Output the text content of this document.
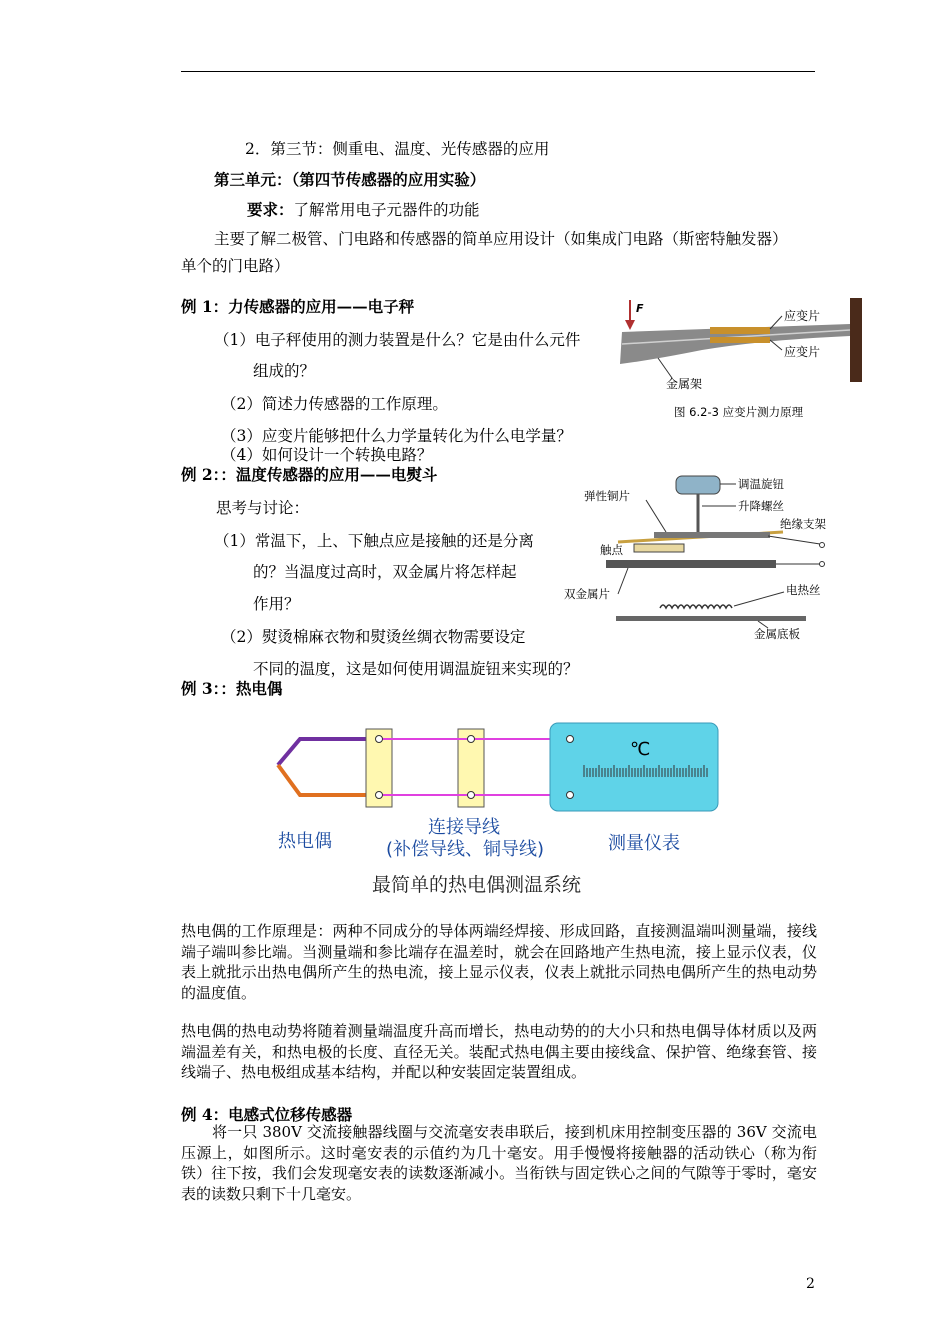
2．第三节：侧重电、温度、光传感器的应用
第三单元：（第四节传感器的应用实验）
要求：了解常用电子元器件的功能
主要了解二极管、门电路和传感器的简单应用设计（如集成门电路（斯密特触发器）
单个的门电路）
例 1：力传感器的应用——电子秤
（1）电子秤使用的测力装置是什么？它是由什么元件
组成的？
（2）简述力传感器的工作原理。
（3）应变片能够把什么力学量转化为什么电学量？
（4）如何设计一个转换电路？
F
应变片
应变片
金属架
图 6.2-3 应变片测力原理
例 2：：温度传感器的应用——电熨斗
思考与讨论：
（1）常温下，上、下触点应是接触的还是分离
的？当温度过高时，双金属片将怎样起
作用？
（2）熨烫棉麻衣物和熨烫丝绸衣物需要设定
不同的温度，这是如何使用调温旋钮来实现的？
调温旋钮
升降螺丝
弹性铜片
绝缘支架
触点
双金属片	电热丝
金属底板
例 3：：热电偶
℃
热电偶
连接导线
(补偿导线、铜导线)	测量仪表
最简单的热电偶测温系统
热电偶的工作原理是：两种不同成分的导体两端经焊接、形成回路，直接测温端叫测量端，接线端子端叫参比端。当测量端和参比端存在温差时，就会在回路地产生热电流，接上显示仪表，仪表上就批示出热电偶所产生的热电流，接上显示仪表，仪表上就批示同热电偶所产生的热电动势的温度值。
热电偶的热电动势将随着测量端温度升高而增长，热电动势的的大小只和热电偶导体材质以及两端温差有关，和热电极的长度、直径无关。装配式热电偶主要由接线盒、保护管、绝缘套管、接线端子、热电极组成基本结构，并配以种安装固定装置组成。
例 4：电感式位移传感器
将一只 380V 交流接触器线圈与交流毫安表串联后，接到机床用控制变压器的 36V 交流电压源上，如图所示。这时毫安表的示值约为几十毫安。用手慢慢将接触器的活动铁心（称为衔铁）往下按，我们会发现毫安表的读数逐渐减小。当衔铁与固定铁心之间的气隙等于零时，毫安表的读数只剩下十几毫安。
2
